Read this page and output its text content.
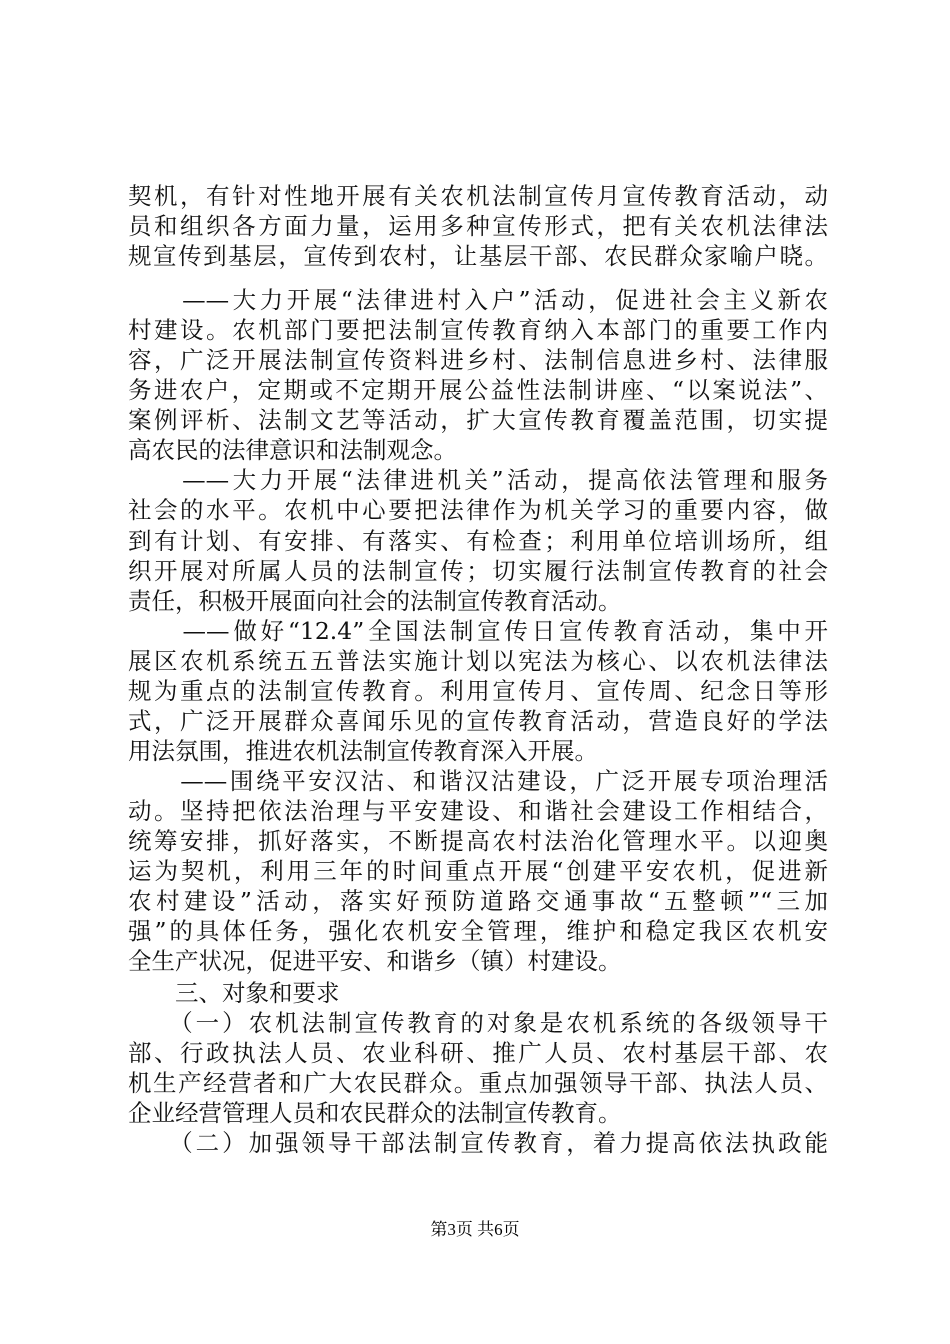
契机，有针对性地开展有关农机法制宣传月宣传教育活动，动
员和组织各方面力量，运用多种宣传形式，把有关农机法律法
规宣传到基层，宣传到农村，让基层干部、农民群众家喻户晓。
　　——大力开展“法律进村入户”活动，促进社会主义新农
村建设。农机部门要把法制宣传教育纳入本部门的重要工作内
容，广泛开展法制宣传资料进乡村、法制信息进乡村、法律服
务进农户，定期或不定期开展公益性法制讲座、“以案说法”、
案例评析、法制文艺等活动，扩大宣传教育覆盖范围，切实提
高农民的法律意识和法制观念。
　　——大力开展“法律进机关”活动，提高依法管理和服务
社会的水平。农机中心要把法律作为机关学习的重要内容，做
到有计划、有安排、有落实、有检查；利用单位培训场所，组
织开展对所属人员的法制宣传；切实履行法制宣传教育的社会
责任，积极开展面向社会的法制宣传教育活动。
　　——做好“12.4”全国法制宣传日宣传教育活动，集中开
展区农机系统五五普法实施计划以宪法为核心、以农机法律法
规为重点的法制宣传教育。利用宣传月、宣传周、纪念日等形
式，广泛开展群众喜闻乐见的宣传教育活动，营造良好的学法
用法氛围，推进农机法制宣传教育深入开展。
　　——围绕平安汉沽、和谐汉沽建设，广泛开展专项治理活
动。坚持把依法治理与平安建设、和谐社会建设工作相结合，
统筹安排，抓好落实，不断提高农村法治化管理水平。以迎奥
运为契机，利用三年的时间重点开展“创建平安农机，促进新
农村建设”活动，落实好预防道路交通事故“五整顿”“三加
强”的具体任务，强化农机安全管理，维护和稳定我区农机安
全生产状况，促进平安、和谐乡（镇）村建设。
　　三、对象和要求
　　（一）农机法制宣传教育的对象是农机系统的各级领导干
部、行政执法人员、农业科研、推广人员、农村基层干部、农
机生产经营者和广大农民群众。重点加强领导干部、执法人员、
企业经营管理人员和农民群众的法制宣传教育。
　　（二）加强领导干部法制宣传教育，着力提高依法执政能
第3页 共6页
